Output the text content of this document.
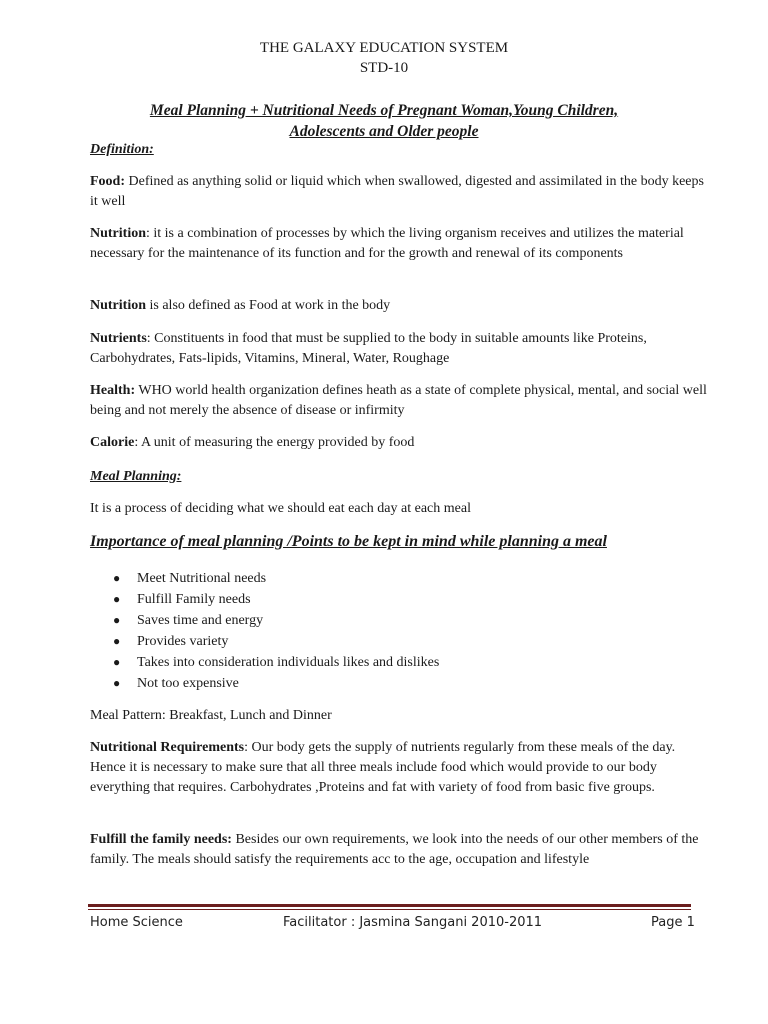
THE GALAXY EDUCATION SYSTEM
STD-10
Meal Planning + Nutritional Needs of Pregnant Woman,Young Children,
Adolescents and Older people
Definition:

Food: Defined as anything solid or liquid which when swallowed, digested and assimilated in the body keeps it well

Nutrition: it is a combination of processes by which the living organism receives and utilizes the material necessary for the maintenance of its function and for the growth and renewal of its components

Nutrition is also defined as Food at work in the body

Nutrients: Constituents in food that must be supplied to the body in suitable amounts like Proteins, Carbohydrates, Fats-lipids, Vitamins, Mineral, Water, Roughage

Health: WHO world health organization defines heath as a state of complete physical, mental, and social well being and not merely the absence of disease or infirmity

Calorie: A unit of measuring the energy provided by food

Meal Planning:

It is a process of deciding what we should eat each day at each meal

Importance of meal planning /Points to be kept in mind while planning a meal
● Meet Nutritional needs
● Fulfill Family needs
● Saves time and energy
● Provides variety
● Takes into consideration individuals likes and dislikes
● Not too expensive

Meal Pattern: Breakfast, Lunch and Dinner

Nutritional Requirements: Our body gets the supply of nutrients regularly from these meals of the day. Hence it is necessary to make sure that all three meals include food which would provide to our body everything that requires. Carbohydrates ,Proteins and fat with variety of food from basic five groups.

Fulfill the family needs: Besides our own requirements, we look into the needs of our other members of the family. The meals should satisfy the requirements acc to the age, occupation and lifestyle

Home Science	Facilitator : Jasmina Sangani 2010-2011	Page 1
